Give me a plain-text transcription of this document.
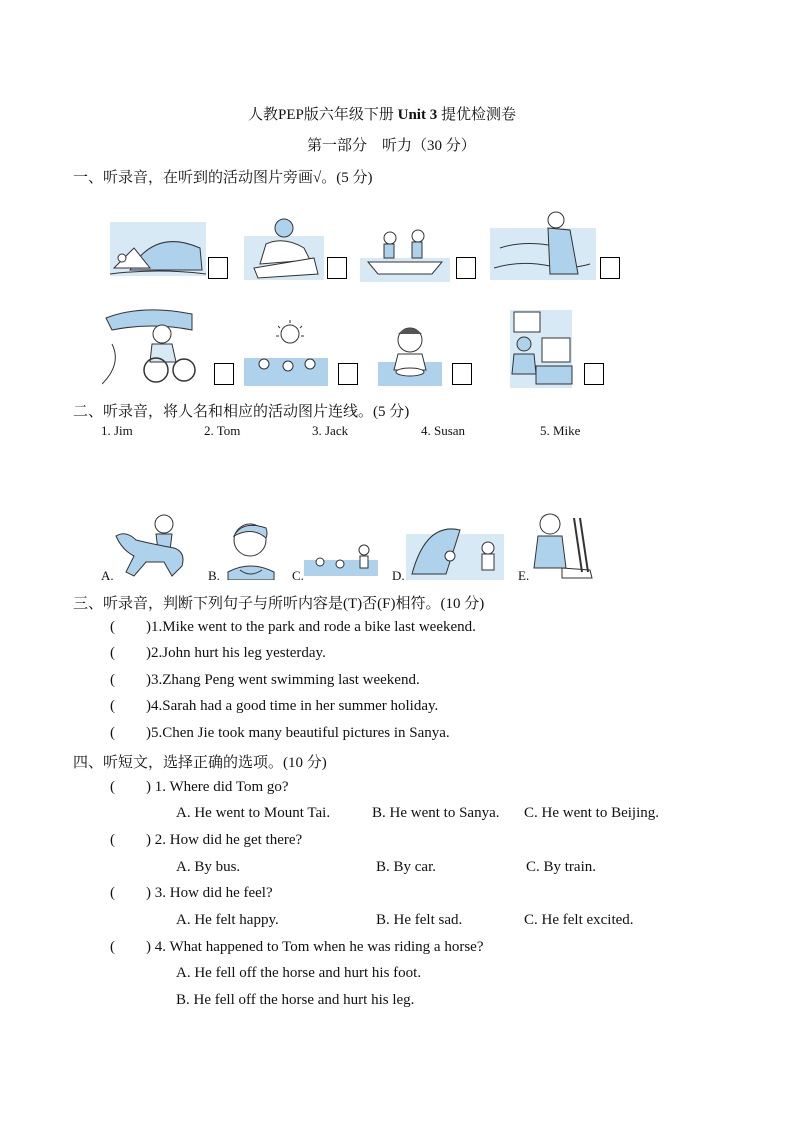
人教PEP版六年级下册 Unit 3 提优检测卷
第一部分　听力（30 分）
一、听录音，在听到的活动图片旁画√。(5 分)
二、听录音，将人名和相应的活动图片连线。(5 分)
1. Jim	2. Tom	3. Jack	4. Susan	5. Mike
A.	B.	C.	D.	E.
三、听录音，判断下列句子与所听内容是(T)否(F)相符。(10 分)
( )1.Mike went to the park and rode a bike last weekend.
( )2.John hurt his leg yesterday.
( )3.Zhang Peng went swimming last weekend.
( )4.Sarah had a good time in her summer holiday.
( )5.Chen Jie took many beautiful pictures in Sanya.
四、听短文，选择正确的选项。(10 分)
( ) 1. Where did Tom go?
A. He went to Mount Tai.	B. He went to Sanya. C. He went to Beijing.
( ) 2. How did he get there?
A. By bus.	B. By car.	C. By train.
( ) 3. How did he feel?
A. He felt happy.	B. He felt sad.	C. He felt excited.
( ) 4. What happened to Tom when he was riding a horse?
A. He fell off the horse and hurt his foot.
B. He fell off the horse and hurt his leg.
